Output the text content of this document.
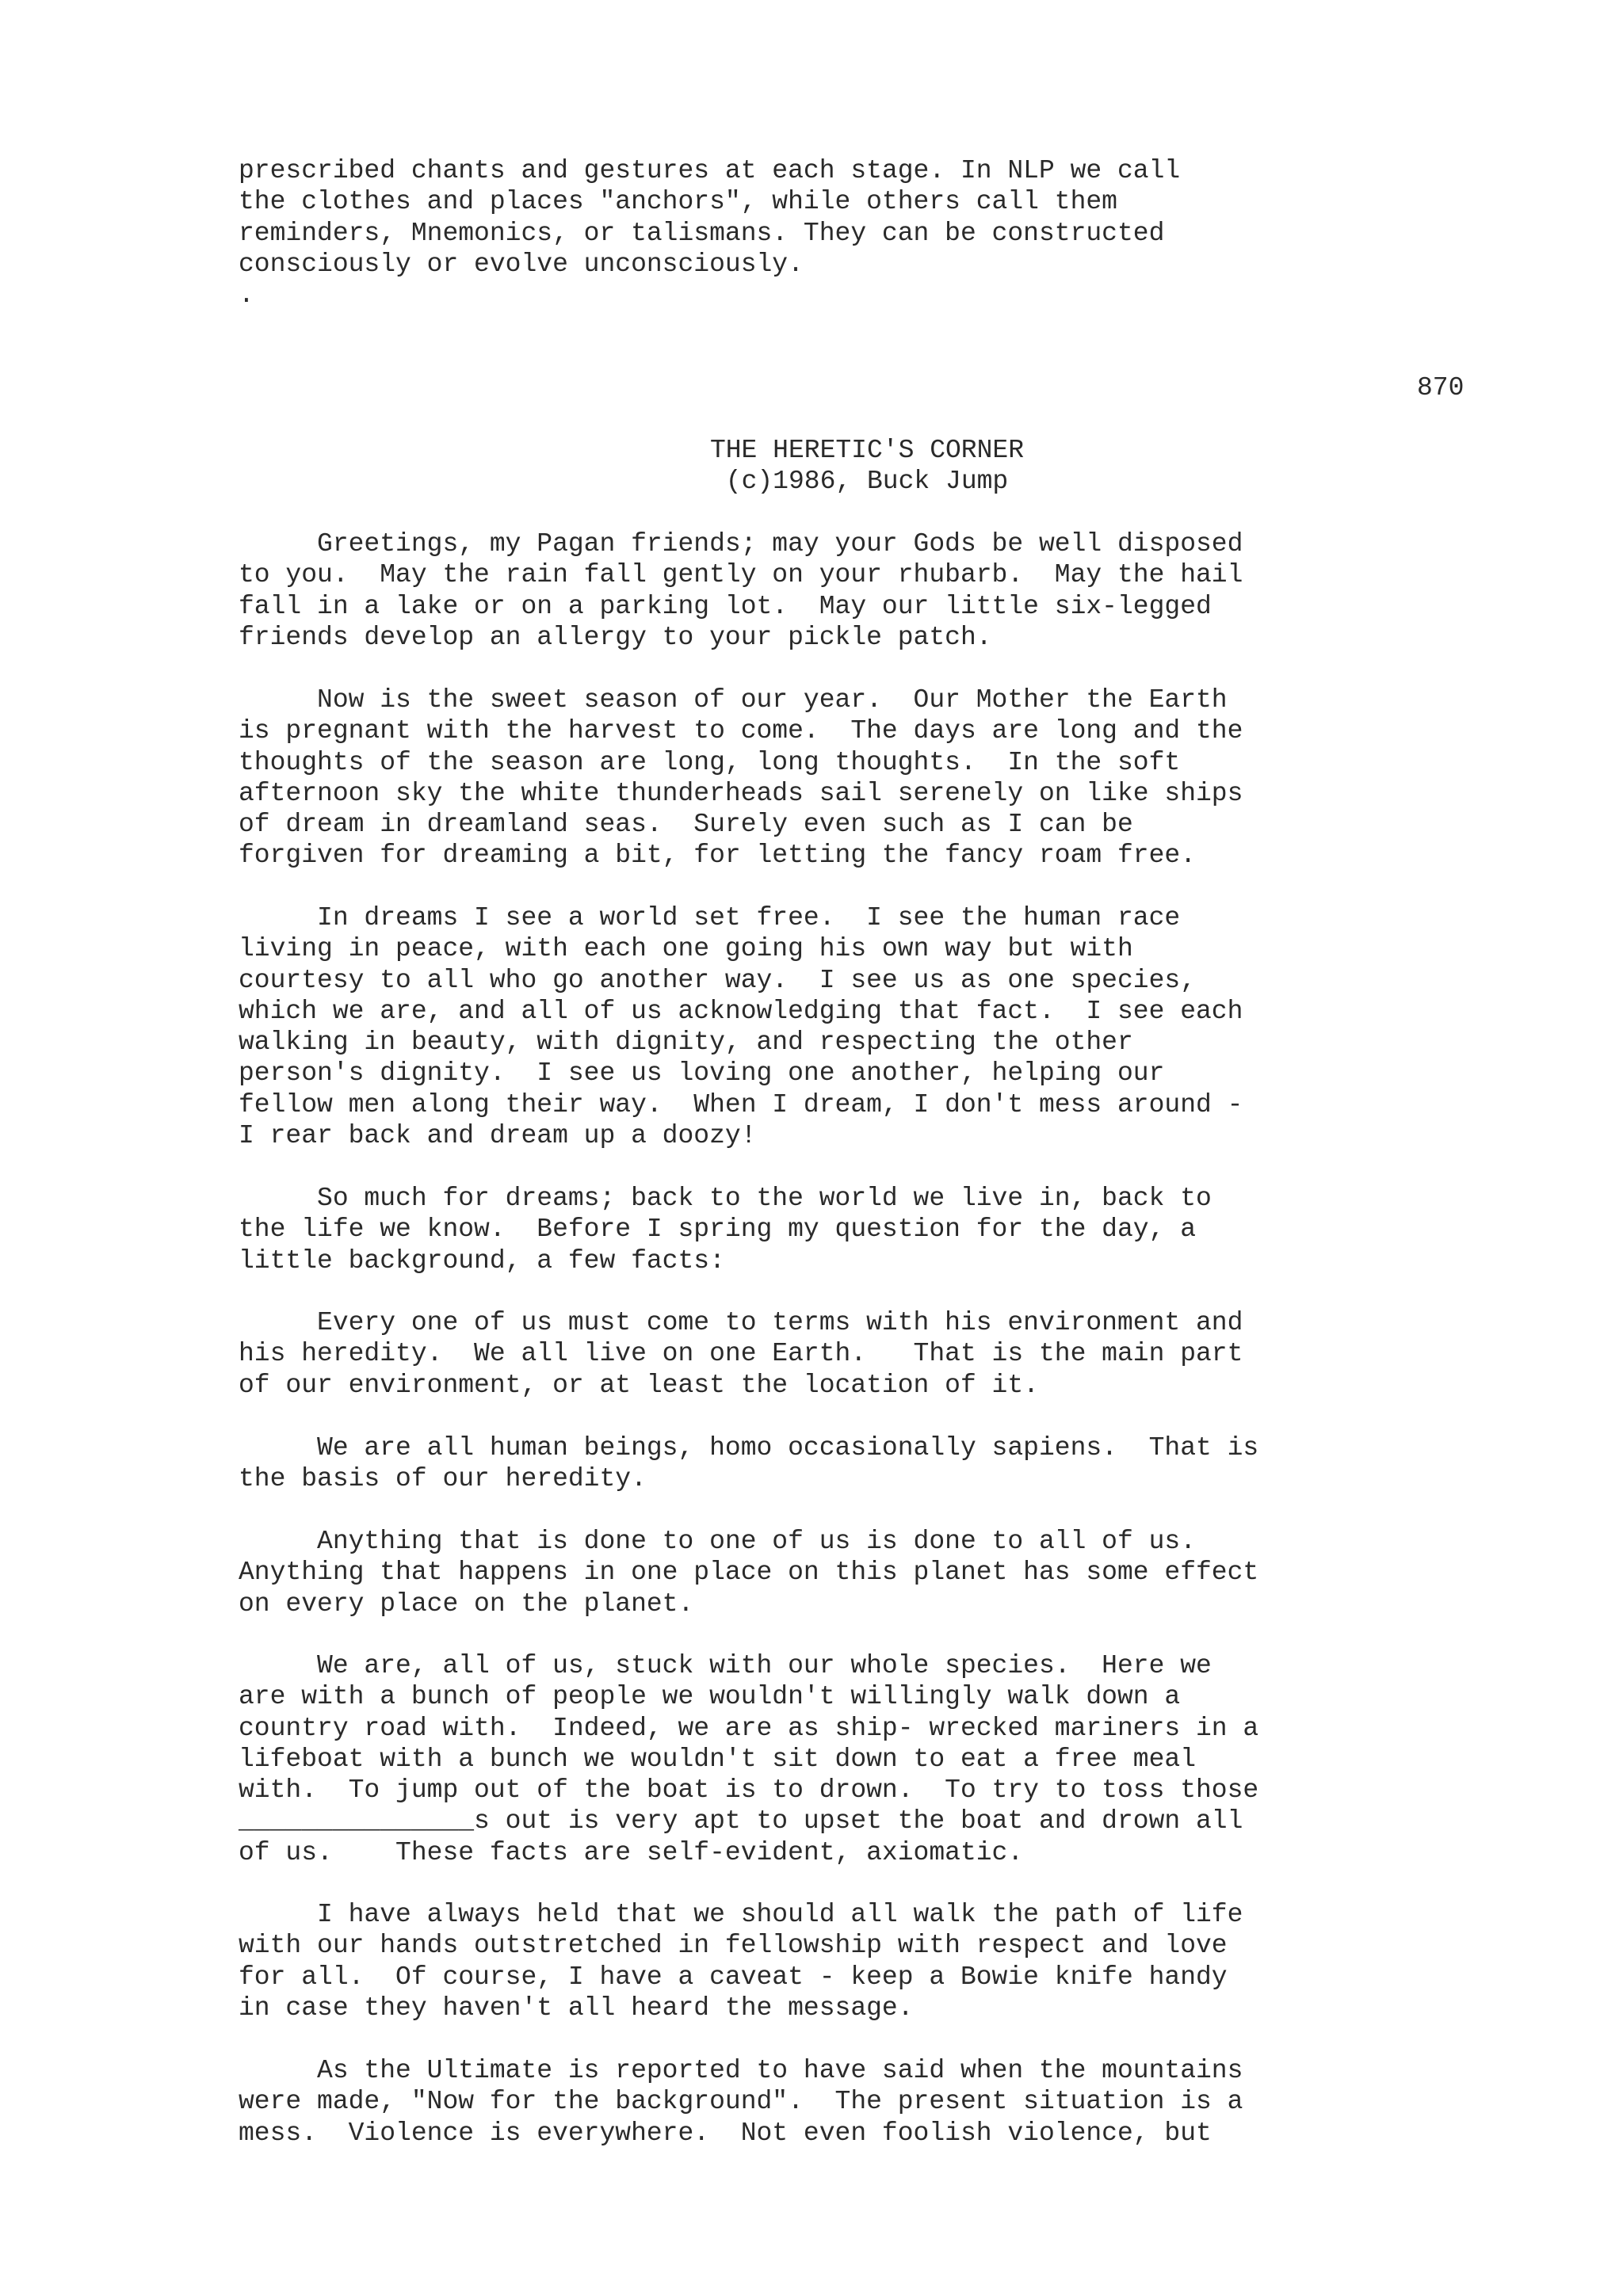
prescribed chants and gestures at each stage. In NLP we call

the clothes and places "anchors", while others call them

reminders, Mnemonics, or talismans. They can be constructed

consciously or evolve unconsciously.

.

870

THE HERETIC'S CORNER

(c)1986, Buck Jump

Greetings, my Pagan friends; may your Gods be well disposed

to you.  May the rain fall gently on your rhubarb.  May the hail

fall in a lake or on a parking lot.  May our little six-legged

friends develop an allergy to your pickle patch.

Now is the sweet season of our year.  Our Mother the Earth

is pregnant with the harvest to come.  The days are long and the

thoughts of the season are long, long thoughts.  In the soft

afternoon sky the white thunderheads sail serenely on like ships

of dream in dreamland seas.  Surely even such as I can be

forgiven for dreaming a bit, for letting the fancy roam free.

In dreams I see a world set free.  I see the human race

living in peace, with each one going his own way but with

courtesy to all who go another way.  I see us as one species,

which we are, and all of us acknowledging that fact.  I see each

walking in beauty, with dignity, and respecting the other

person's dignity.  I see us loving one another, helping our

fellow men along their way.  When I dream, I don't mess around -

I rear back and dream up a doozy!

So much for dreams; back to the world we live in, back to

the life we know.  Before I spring my question for the day, a

little background, a few facts:

Every one of us must come to terms with his environment and

his heredity.  We all live on one Earth.   That is the main part

of our environment, or at least the location of it.

We are all human beings, homo occasionally sapiens.  That is

the basis of our heredity.

Anything that is done to one of us is done to all of us.

Anything that happens in one place on this planet has some effect

on every place on the planet.

We are, all of us, stuck with our whole species.  Here we

are with a bunch of people we wouldn't willingly walk down a

country road with.  Indeed, we are as ship- wrecked mariners in a

lifeboat with a bunch we wouldn't sit down to eat a free meal

with.  To jump out of the boat is to drown.  To try to toss those

_______________s out is very apt to upset the boat and drown all

of us.    These facts are self-evident, axiomatic.

I have always held that we should all walk the path of life

with our hands outstretched in fellowship with respect and love

for all.  Of course, I have a caveat - keep a Bowie knife handy

in case they haven't all heard the message.

As the Ultimate is reported to have said when the mountains

were made, "Now for the background".  The present situation is a

mess.  Violence is everywhere.  Not even foolish violence, but
